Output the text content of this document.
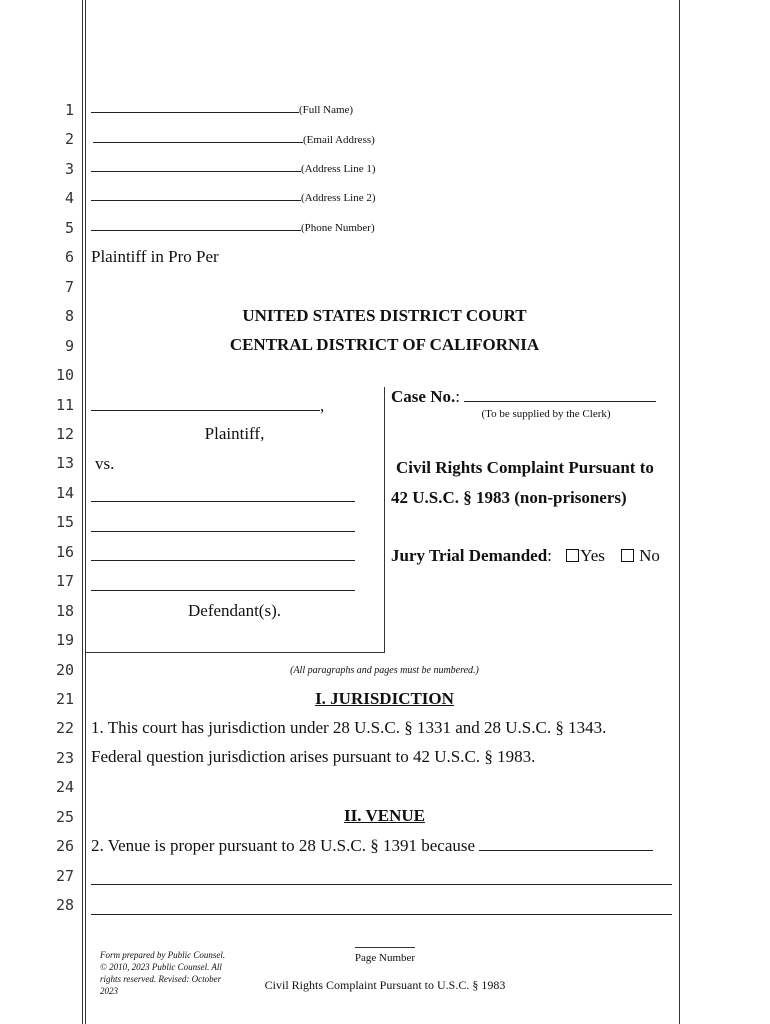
1
2
3
4
5
6
7
8
9
10
11
12
13
14
15
16
17
18
19
20
21
22
23
24
25
26
27
28
(Full Name)
(Email Address)
(Address Line 1)
(Address Line 2)
(Phone Number)
Plaintiff in Pro Per
UNITED STATES DISTRICT COURT
CENTRAL DISTRICT OF CALIFORNIA
,
Plaintiff,
vs.
Defendant(s).
Case No.:
(To be supplied by the Clerk)
Civil Rights Complaint Pursuant to
42 U.S.C. § 1983 (non-prisoners)
Jury Trial Demanded: Yes No
(All paragraphs and pages must be numbered.)
I. JURISDICTION
1. This court has jurisdiction under 28 U.S.C. § 1331 and 28 U.S.C. § 1343.
Federal question jurisdiction arises pursuant to 42 U.S.C. § 1983.
II. VENUE
2. Venue is proper pursuant to 28 U.S.C. § 1391 because
Form prepared by Public Counsel. © 2010, 2023 Public Counsel. All rights reserved. Revised: October 2023
Page Number
Civil Rights Complaint Pursuant to U.S.C. § 1983
